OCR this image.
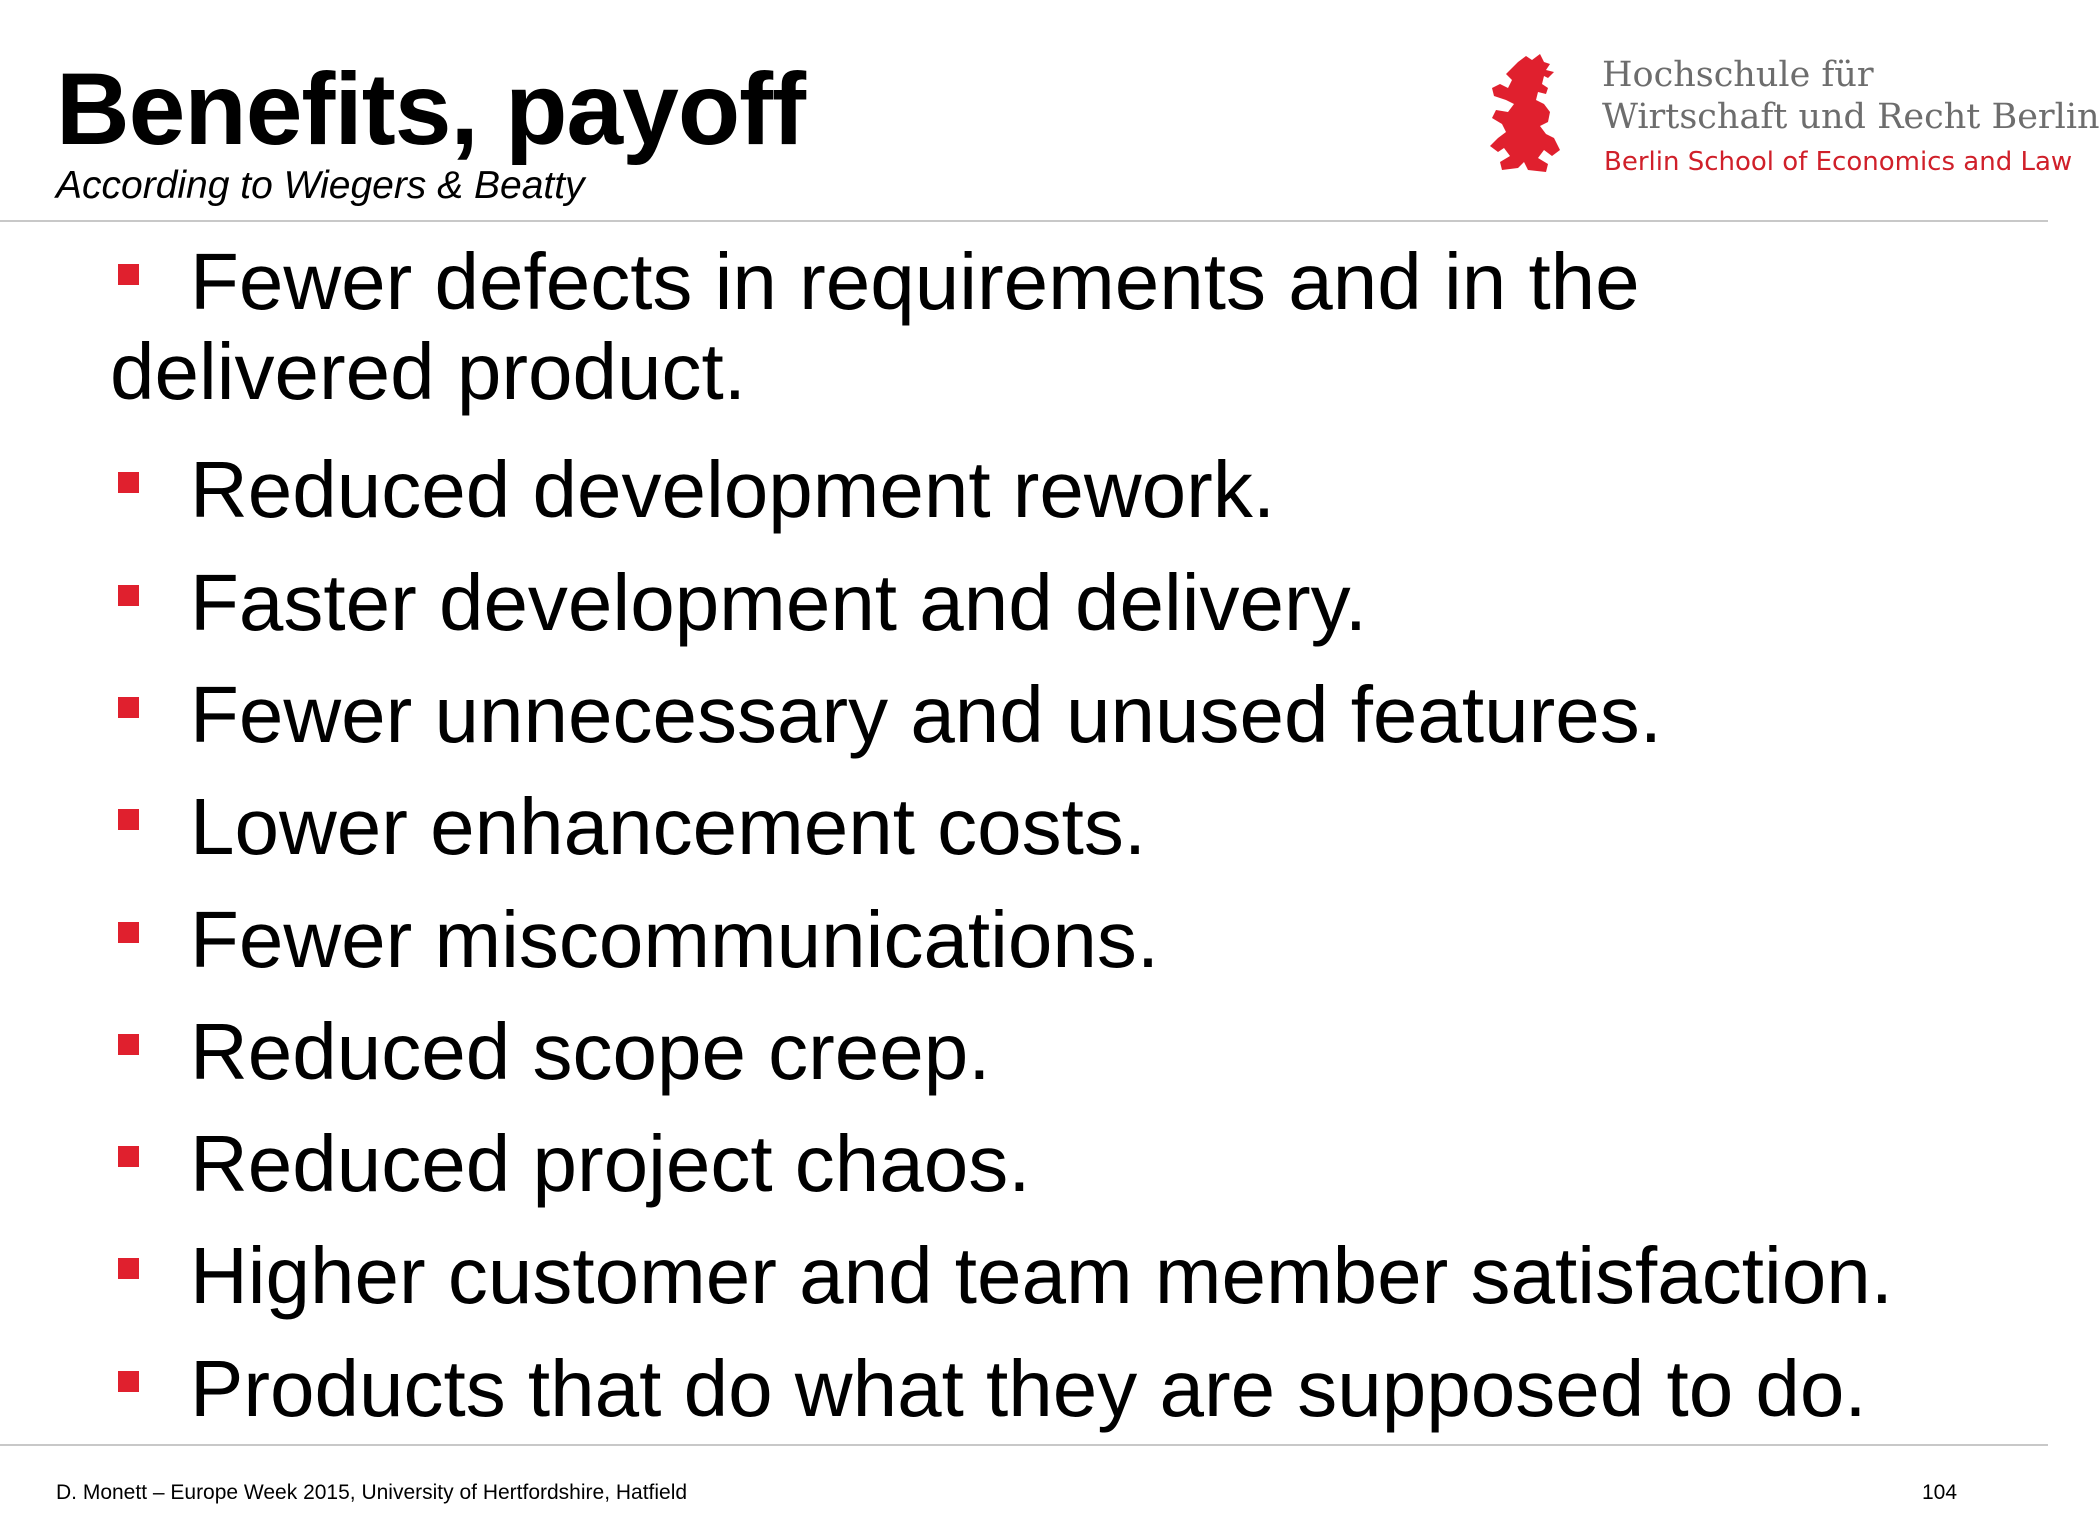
Benefits, payoff
According to Wiegers & Beatty
Hochschule für
Wirtschaft und Recht Berlin
Berlin School of Economics and Law
Fewer defects in requirements and in the
delivered product.
Reduced development rework.
Faster development and delivery.
Fewer unnecessary and unused features.
Lower enhancement costs.
Fewer miscommunications.
Reduced scope creep.
Reduced project chaos.
Higher customer and team member satisfaction.
Products that do what they are supposed to do.
D. Monett – Europe Week 2015, University of Hertfordshire, Hatfield	104
